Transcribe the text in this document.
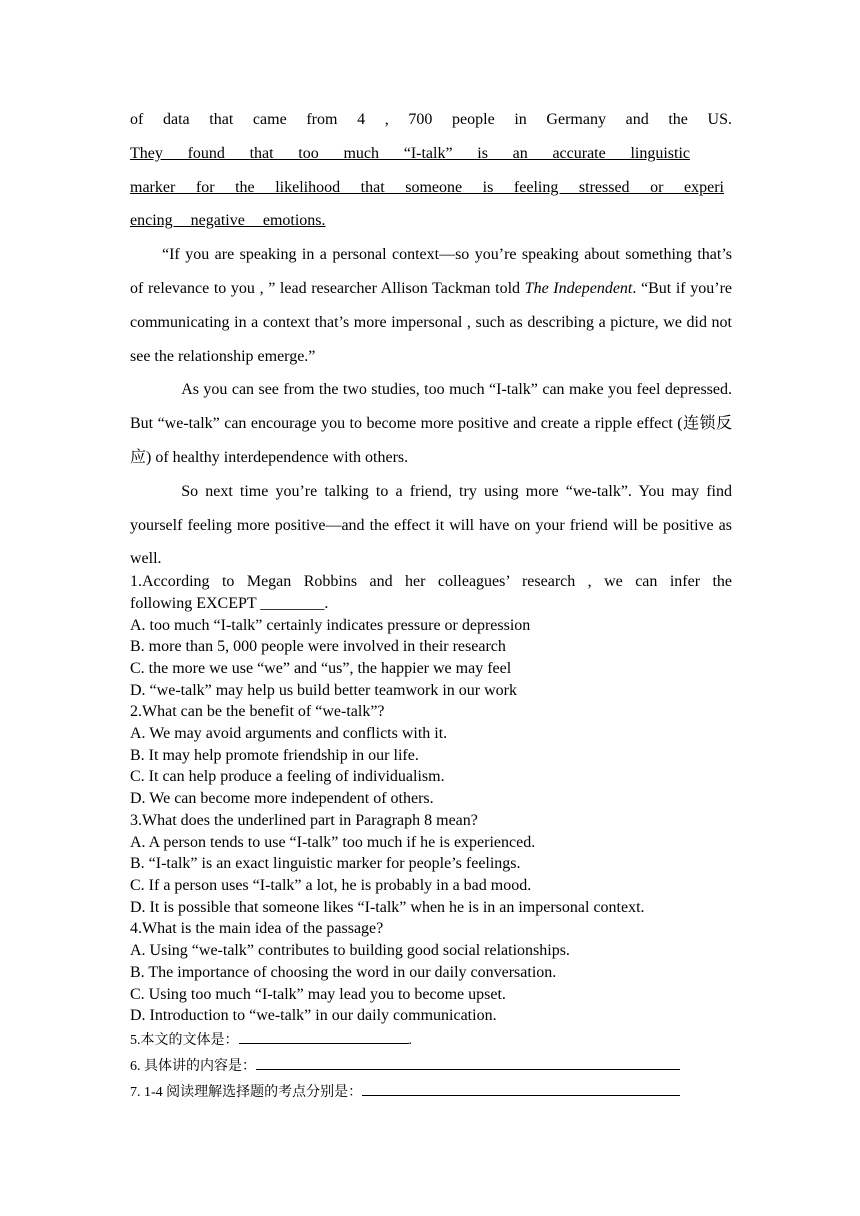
of data that came from 4 , 700 people in Germany and the US.
They found that too much “I-talk” is an accurate linguistic
marker for the likelihood that someone is feeling stressed or experi
encing negative emotions.

“If you are speaking in a personal context—so you’re speaking about something that’s of relevance to you , ” lead researcher Allison Tackman told The Independent. “But if you’re communicating in a context that’s more impersonal , such as describing a picture, we did not see the relationship emerge.”

As you can see from the two studies, too much “I-talk” can make you feel depressed. But “we-talk” can encourage you to become more positive and create a ripple effect (连锁反应) of healthy interdependence with others.

So next time you’re talking to a friend, try using more “we-talk”. You may find yourself feeling more positive—and the effect it will have on your friend will be positive as well.

1.According to Megan Robbins and her colleagues’ research , we can infer the
following EXCEPT ________.
A. too much “I-talk” certainly indicates pressure or depression
B. more than 5, 000 people were involved in their research
C. the more we use “we” and “us”, the happier we may feel
D. “we-talk” may help us build better teamwork in our work
2.What can be the benefit of “we-talk”?
A. We may avoid arguments and conflicts with it.
B. It may help promote friendship in our life.
C. It can help produce a feeling of individualism.
D. We can become more independent of others.
3.What does the underlined part in Paragraph 8 mean?
A. A person tends to use “I-talk” too much if he is experienced.
B. “I-talk” is an exact linguistic marker for people’s feelings.
C. If a person uses “I-talk” a lot, he is probably in a bad mood.
D. It is possible that someone likes “I-talk” when he is in an impersonal context.
4.What is the main idea of the passage?
A. Using “we-talk” contributes to building good social relationships.
B. The importance of choosing the word in our daily conversation.
C. Using too much “I-talk” may lead you to become upset.
D. Introduction to “we-talk” in our daily communication.
5.本文的文体是：	.
6. 具体讲的内容是：
7. 1-4 阅读理解选择题的考点分别是：
